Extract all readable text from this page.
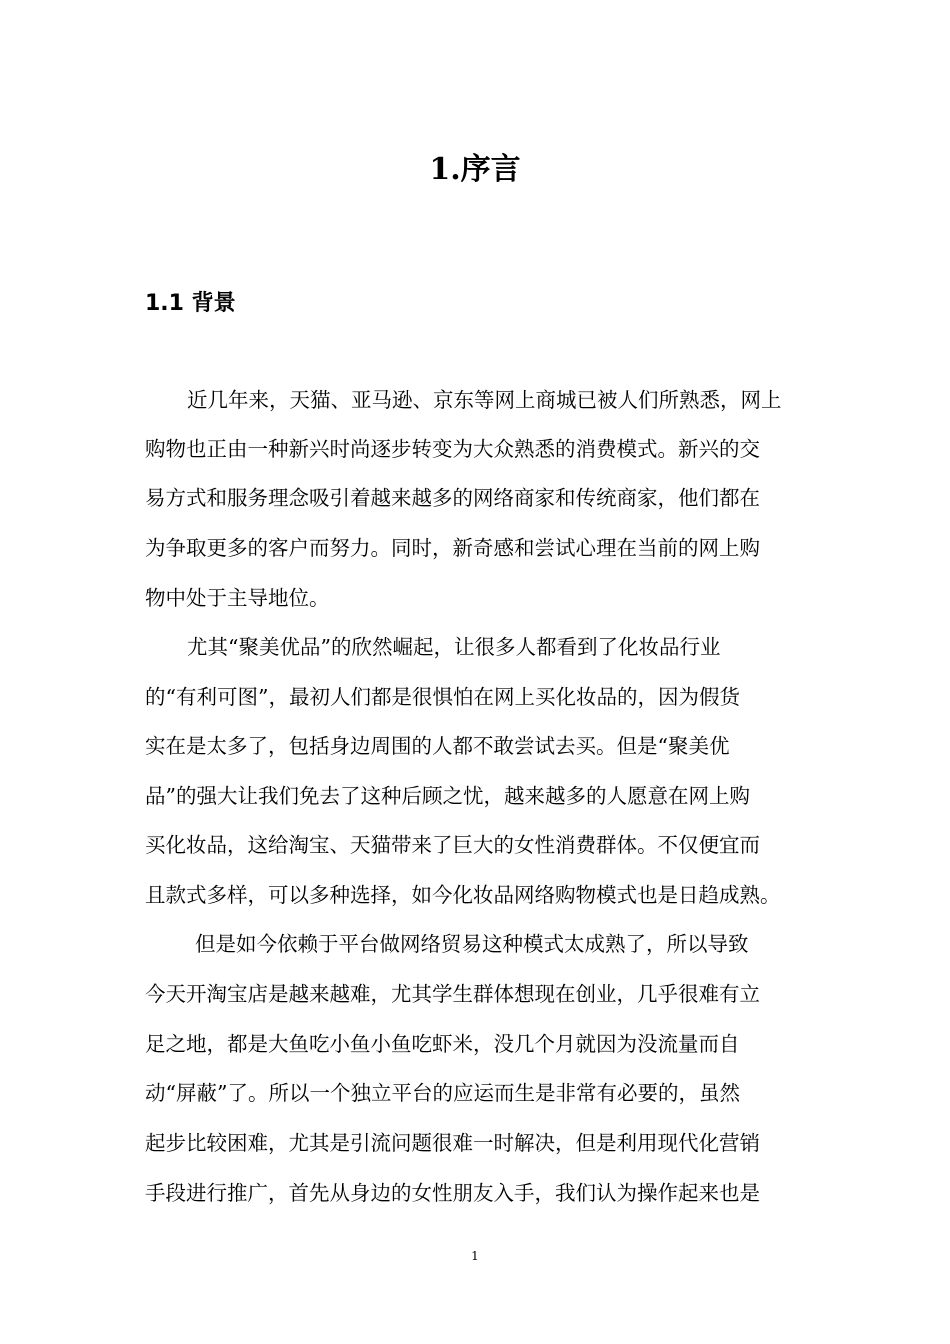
1.序言
1.1 背景

近几年来，天猫、亚马逊、京东等网上商城已被人们所熟悉，网上

购物也正由一种新兴时尚逐步转变为大众熟悉的消费模式。新兴的交

易方式和服务理念吸引着越来越多的网络商家和传统商家，他们都在

为争取更多的客户而努力。同时，新奇感和尝试心理在当前的网上购

物中处于主导地位。

尤其“聚美优品”的欣然崛起，让很多人都看到了化妆品行业

的“有利可图”，最初人们都是很惧怕在网上买化妆品的，因为假货

实在是太多了，包括身边周围的人都不敢尝试去买。但是“聚美优

品”的强大让我们免去了这种后顾之忧，越来越多的人愿意在网上购

买化妆品，这给淘宝、天猫带来了巨大的女性消费群体。不仅便宜而

且款式多样，可以多种选择，如今化妆品网络购物模式也是日趋成熟。

但是如今依赖于平台做网络贸易这种模式太成熟了，所以导致

今天开淘宝店是越来越难，尤其学生群体想现在创业，几乎很难有立

足之地，都是大鱼吃小鱼小鱼吃虾米，没几个月就因为没流量而自

动“屏蔽”了。所以一个独立平台的应运而生是非常有必要的，虽然

起步比较困难，尤其是引流问题很难一时解决，但是利用现代化营销

手段进行推广，首先从身边的女性朋友入手，我们认为操作起来也是

1
